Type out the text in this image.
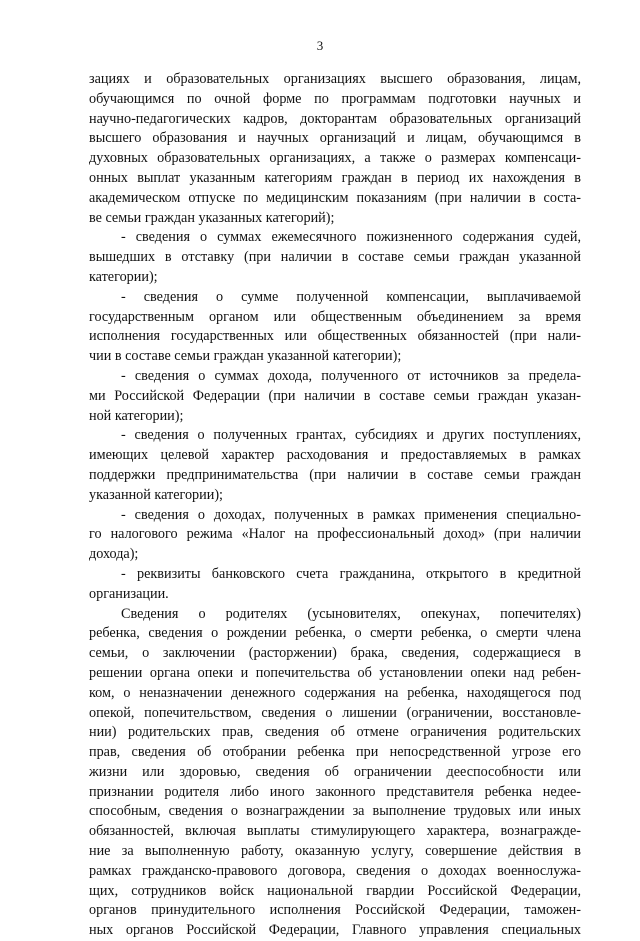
3
зациях и образовательных организациях высшего образования, лицам,
обучающимся по очной форме по программам подготовки научных и
научно-педагогических кадров, докторантам образовательных организаций
высшего образования и научных организаций и лицам, обучающимся в
духовных образовательных организациях, а также о размерах компенсаци-
онных выплат указанным категориям граждан в период их нахождения в
академическом отпуске по медицинским показаниям (при наличии в соста-
ве семьи граждан указанных категорий);
- сведения о суммах ежемесячного пожизненного содержания судей,
вышедших в отставку (при наличии в составе семьи граждан указанной
категории);
- сведения о сумме полученной компенсации, выплачиваемой
государственным органом или общественным объединением за время
исполнения государственных или общественных обязанностей (при нали-
чии в составе семьи граждан указанной категории);
- сведения о суммах дохода, полученного от источников за предела-
ми Российской Федерации (при наличии в составе семьи граждан указан-
ной категории);
- сведения о полученных грантах, субсидиях и других поступлениях,
имеющих целевой характер расходования и предоставляемых в рамках
поддержки предпринимательства (при наличии в составе семьи граждан
указанной категории);
- сведения о доходах, полученных в рамках применения специально-
го налогового режима «Налог на профессиональный доход» (при наличии
дохода);
- реквизиты банковского счета гражданина, открытого в кредитной
организации.
Сведения о родителях (усыновителях, опекунах, попечителях)
ребенка, сведения о рождении ребенка, о смерти ребенка, о смерти члена
семьи, о заключении (расторжении) брака, сведения, содержащиеся в
решении органа опеки и попечительства об установлении опеки над ребен-
ком, о неназначении денежного содержания на ребенка, находящегося под
опекой, попечительством, сведения о лишении (ограничении, восстановле-
нии) родительских прав, сведения об отмене ограничения родительских
прав, сведения об отобрании ребенка при непосредственной угрозе его
жизни или здоровью, сведения об ограничении дееспособности или
признании родителя либо иного законного представителя ребенка недее-
способным, сведения о вознаграждении за выполнение трудовых или иных
обязанностей, включая выплаты стимулирующего характера, вознагражде-
ние за выполненную работу, оказанную услугу, совершение действия в
рамках гражданско-правового договора, сведения о доходах военнослужа-
щих, сотрудников войск национальной гвардии Российской Федерации,
органов принудительного исполнения Российской Федерации, таможен-
ных органов Российской Федерации, Главного управления специальных
